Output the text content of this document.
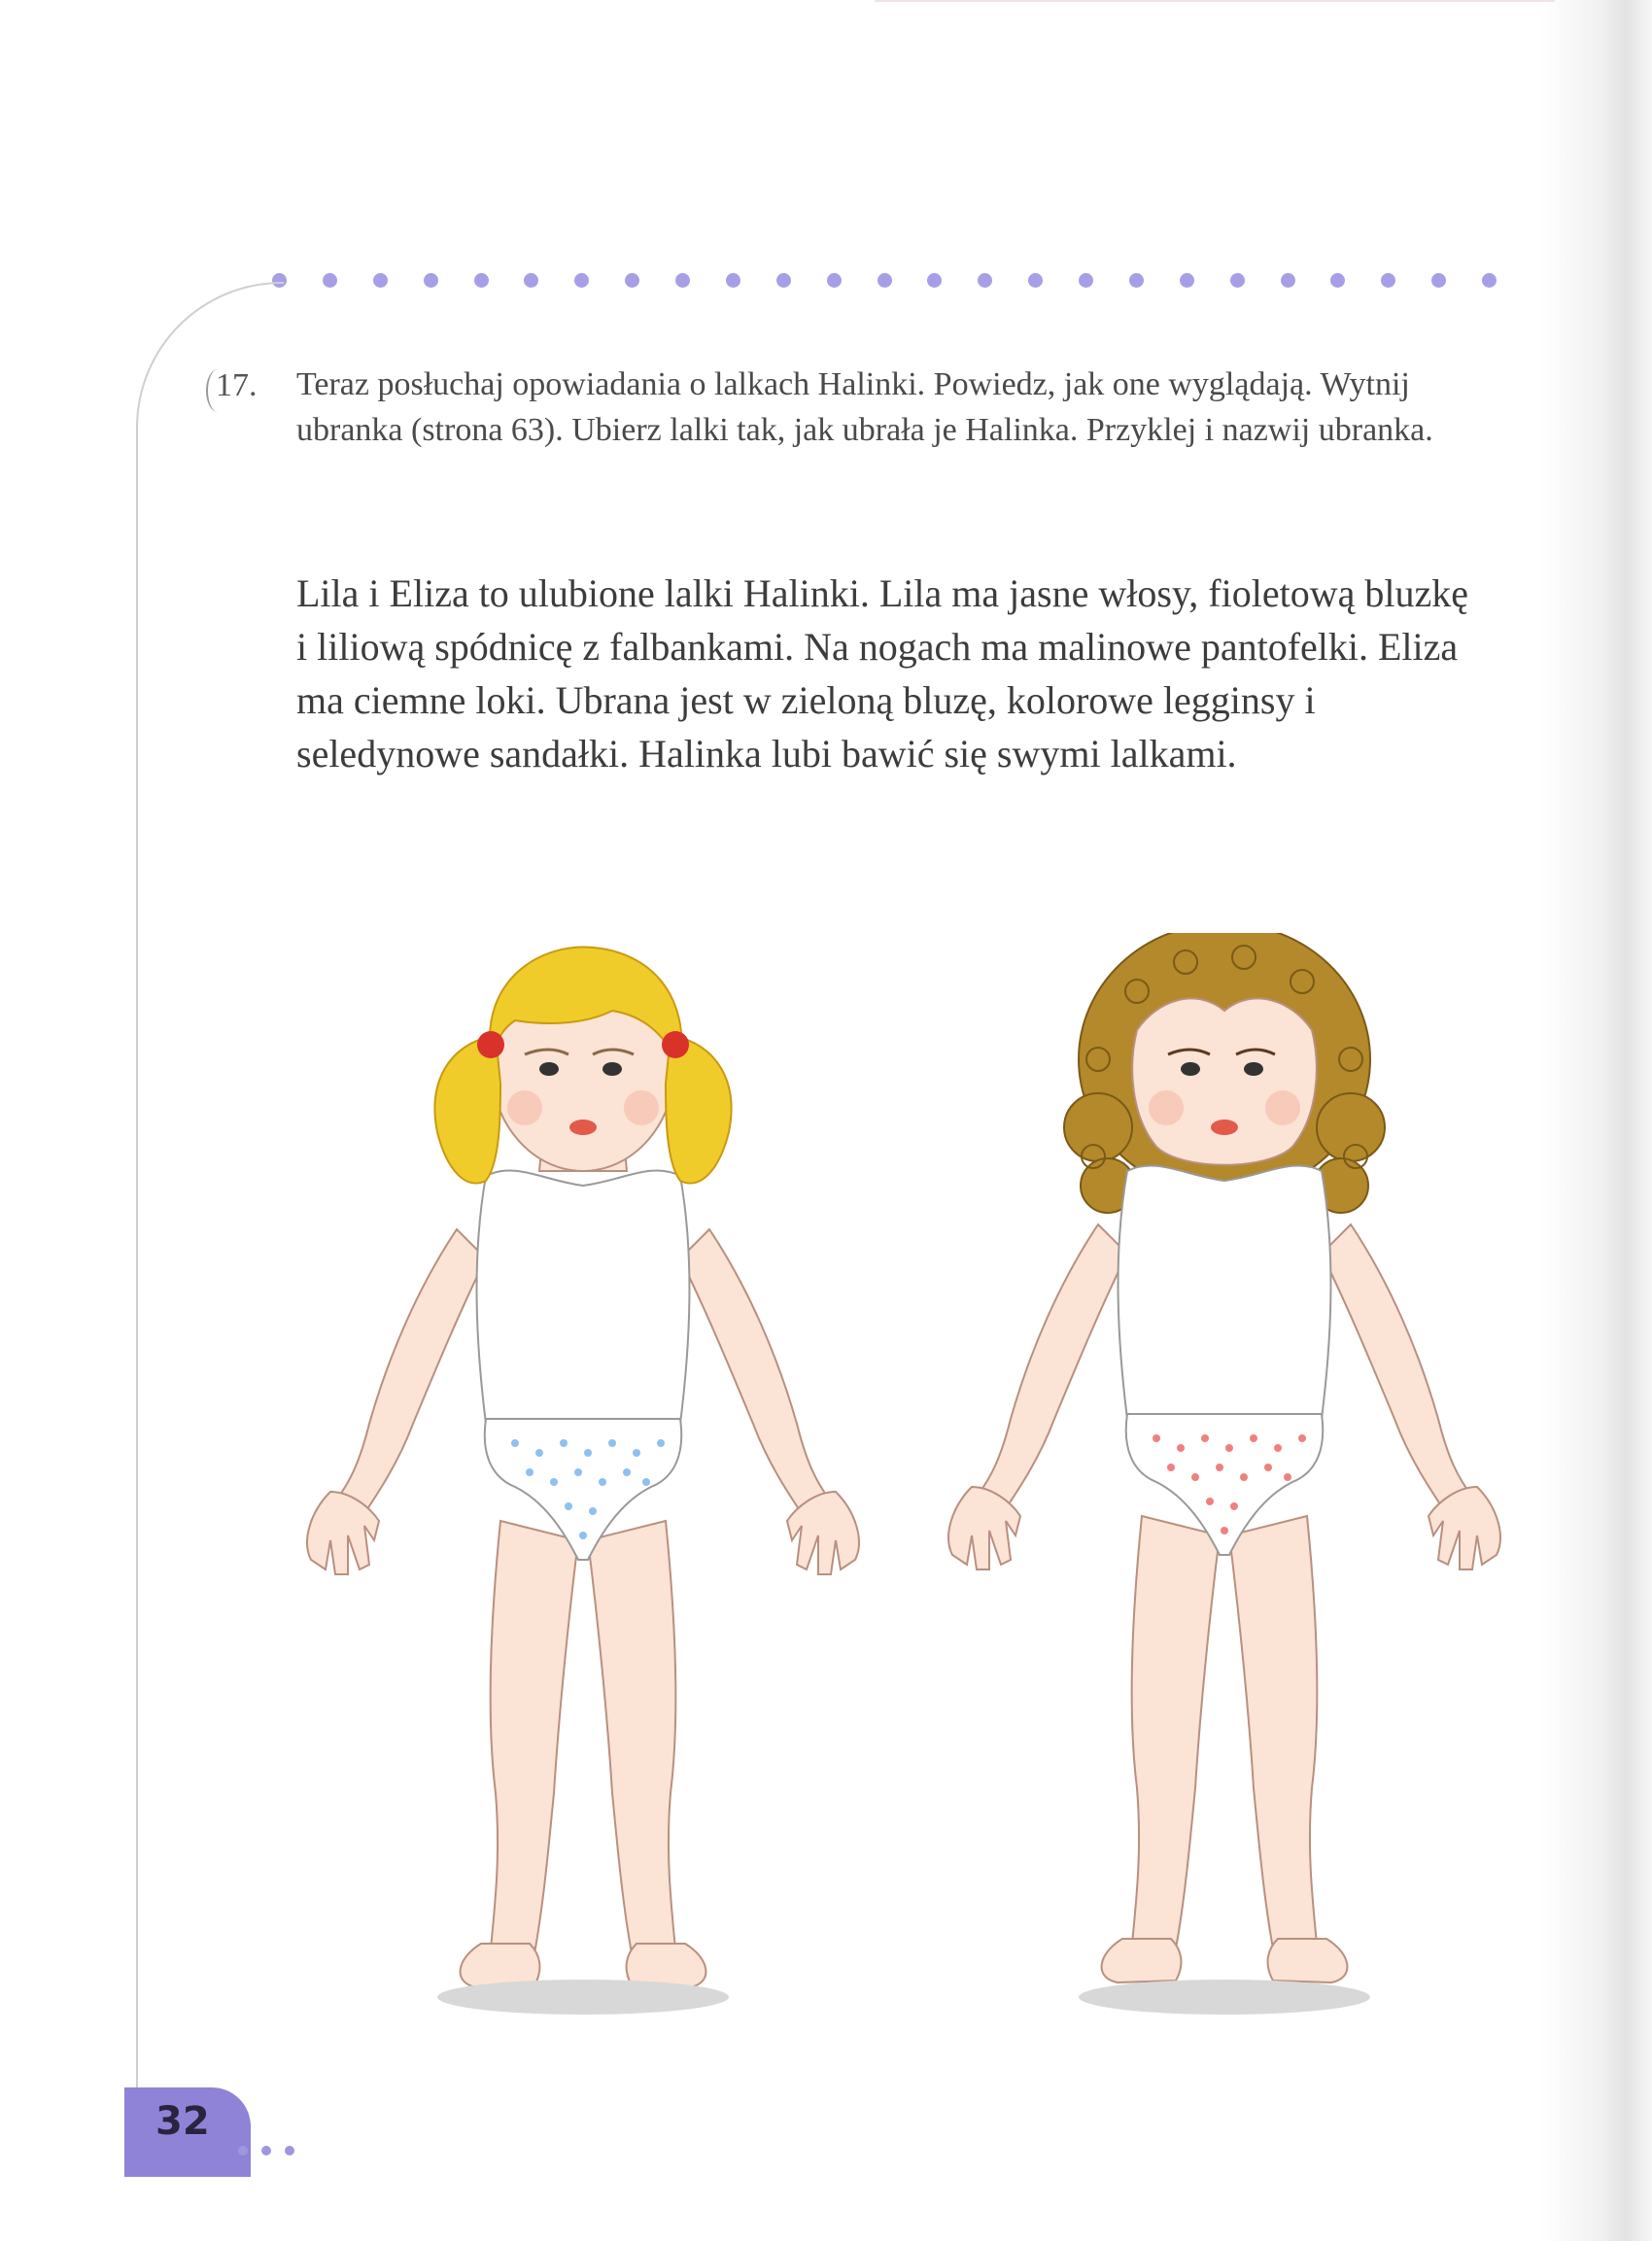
17. Teraz posłuchaj opowiadania o lalkach Halinki. Powiedz, jak one wyglądają. Wytnij ubranka (strona 63). Ubierz lalki tak, jak ubrała je Halinka. Przyklej i nazwij ubranka.
Lila i Eliza to ulubione lalki Halinki. Lila ma jasne włosy, fioletową bluzkę i liliową spódnicę z falbankami. Na nogach ma malinowe pantofelki. Eliza ma ciemne loki. Ubrana jest w zieloną bluzę, kolorowe legginsy i seledynowe sandałki. Halinka lubi bawić się swymi lalkami.
32
